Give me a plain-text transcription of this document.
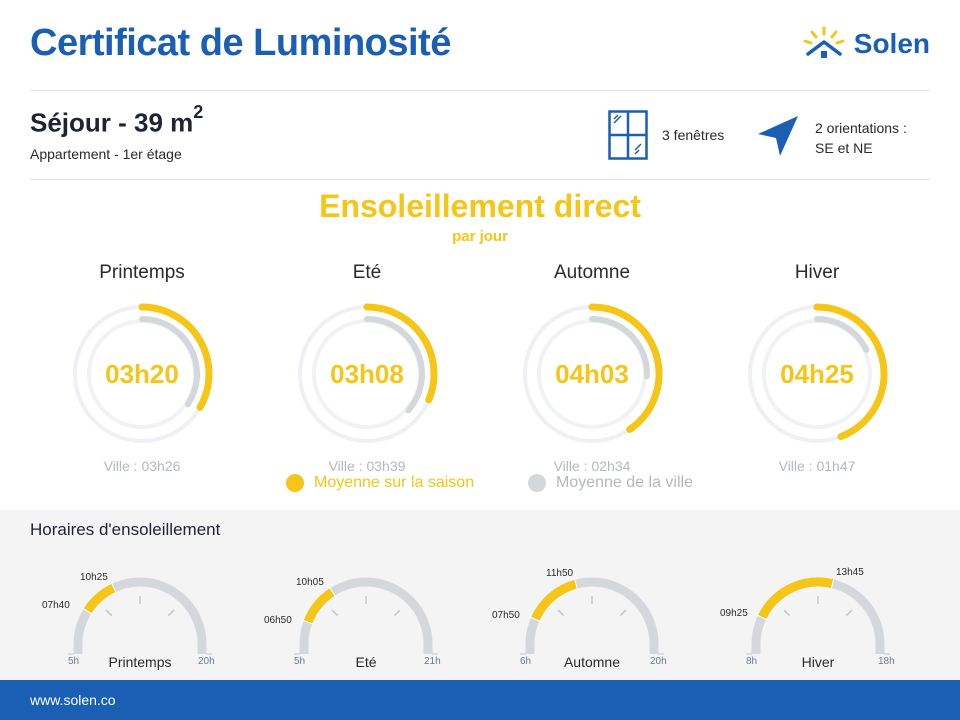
Certificat de Luminosité	Solen
Séjour - 39 $m^2$
Appartement - 1er étage
3 fenêtres	2 orientations :
SE et NE
Ensoleillement direct
par jour
Printemps
03h20
Ville : 03h26
Eté
03h08
Ville : 03h39
Automne
04h03
Ville : 02h34
Hiver
04h25
Ville : 01h47
Moyenne sur la saison	Moyenne de la ville
Horaires d'ensoleillement
Printemps
5h	20h
07h40
10h25
Eté
5h	21h
06h50
10h05
Automne
6h	20h
07h50
11h50
Hiver
8h	18h
09h25
13h45
www.solen.co
